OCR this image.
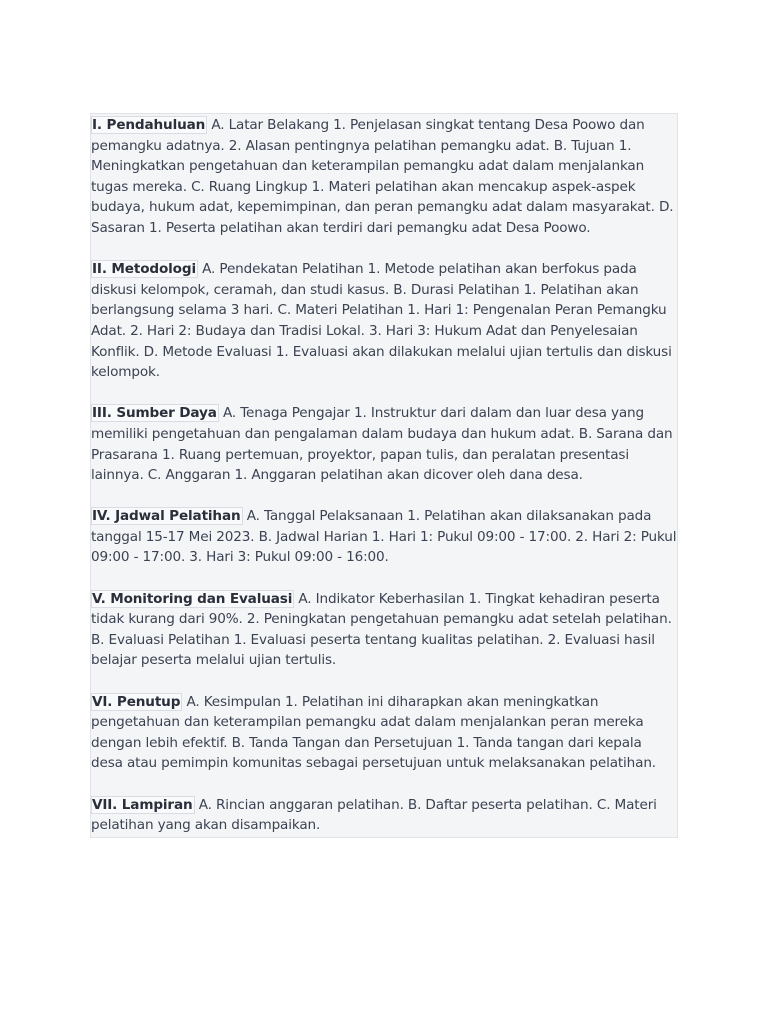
I. Pendahuluan A. Latar Belakang 1. Penjelasan singkat tentang Desa Poowo dan pemangku adatnya. 2. Alasan pentingnya pelatihan pemangku adat. B. Tujuan 1. Meningkatkan pengetahuan dan keterampilan pemangku adat dalam menjalankan tugas mereka. C. Ruang Lingkup 1. Materi pelatihan akan mencakup aspek-aspek budaya, hukum adat, kepemimpinan, dan peran pemangku adat dalam masyarakat. D. Sasaran 1. Peserta pelatihan akan terdiri dari pemangku adat Desa Poowo.

II. Metodologi A. Pendekatan Pelatihan 1. Metode pelatihan akan berfokus pada diskusi kelompok, ceramah, dan studi kasus. B. Durasi Pelatihan 1. Pelatihan akan berlangsung selama 3 hari. C. Materi Pelatihan 1. Hari 1: Pengenalan Peran Pemangku Adat. 2. Hari 2: Budaya dan Tradisi Lokal. 3. Hari 3: Hukum Adat dan Penyelesaian Konflik. D. Metode Evaluasi 1. Evaluasi akan dilakukan melalui ujian tertulis dan diskusi kelompok.

III. Sumber Daya A. Tenaga Pengajar 1. Instruktur dari dalam dan luar desa yang memiliki pengetahuan dan pengalaman dalam budaya dan hukum adat. B. Sarana dan Prasarana 1. Ruang pertemuan, proyektor, papan tulis, dan peralatan presentasi lainnya. C. Anggaran 1. Anggaran pelatihan akan dicover oleh dana desa.

IV. Jadwal Pelatihan A. Tanggal Pelaksanaan 1. Pelatihan akan dilaksanakan pada tanggal 15-17 Mei 2023. B. Jadwal Harian 1. Hari 1: Pukul 09:00 - 17:00. 2. Hari 2: Pukul 09:00 - 17:00. 3. Hari 3: Pukul 09:00 - 16:00.

V. Monitoring dan Evaluasi A. Indikator Keberhasilan 1. Tingkat kehadiran peserta tidak kurang dari 90%. 2. Peningkatan pengetahuan pemangku adat setelah pelatihan. B. Evaluasi Pelatihan 1. Evaluasi peserta tentang kualitas pelatihan. 2. Evaluasi hasil belajar peserta melalui ujian tertulis.

VI. Penutup A. Kesimpulan 1. Pelatihan ini diharapkan akan meningkatkan pengetahuan dan keterampilan pemangku adat dalam menjalankan peran mereka dengan lebih efektif. B. Tanda Tangan dan Persetujuan 1. Tanda tangan dari kepala desa atau pemimpin komunitas sebagai persetujuan untuk melaksanakan pelatihan.

VII. Lampiran A. Rincian anggaran pelatihan. B. Daftar peserta pelatihan. C. Materi pelatihan yang akan disampaikan.
